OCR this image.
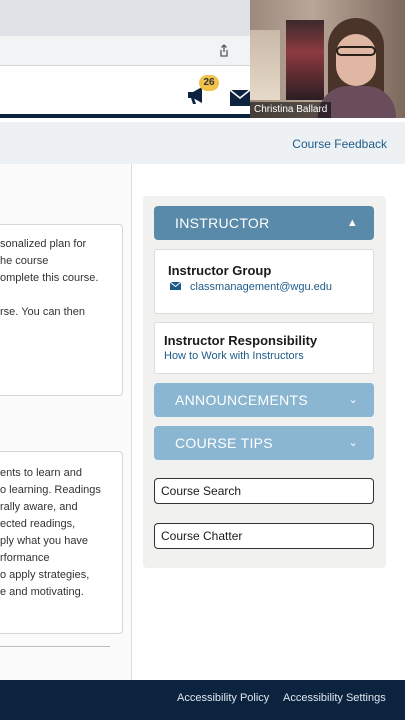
26
Christina Ballard
Course Feedback
sonalized plan for
he course
omplete this course.
rse. You can then
ents to learn and
o learning. Readings
rally aware, and
ected readings,
ply what you have
rformance
o apply strategies,
e and motivating.
INSTRUCTOR	▲
Instructor Group
classmanagement@wgu.edu
Instructor Responsibility
How to Work with Instructors
ANNOUNCEMENTS	⌄
COURSE TIPS	⌄
Course Search
Course Chatter
Accessibility Policy Accessibility Settings
